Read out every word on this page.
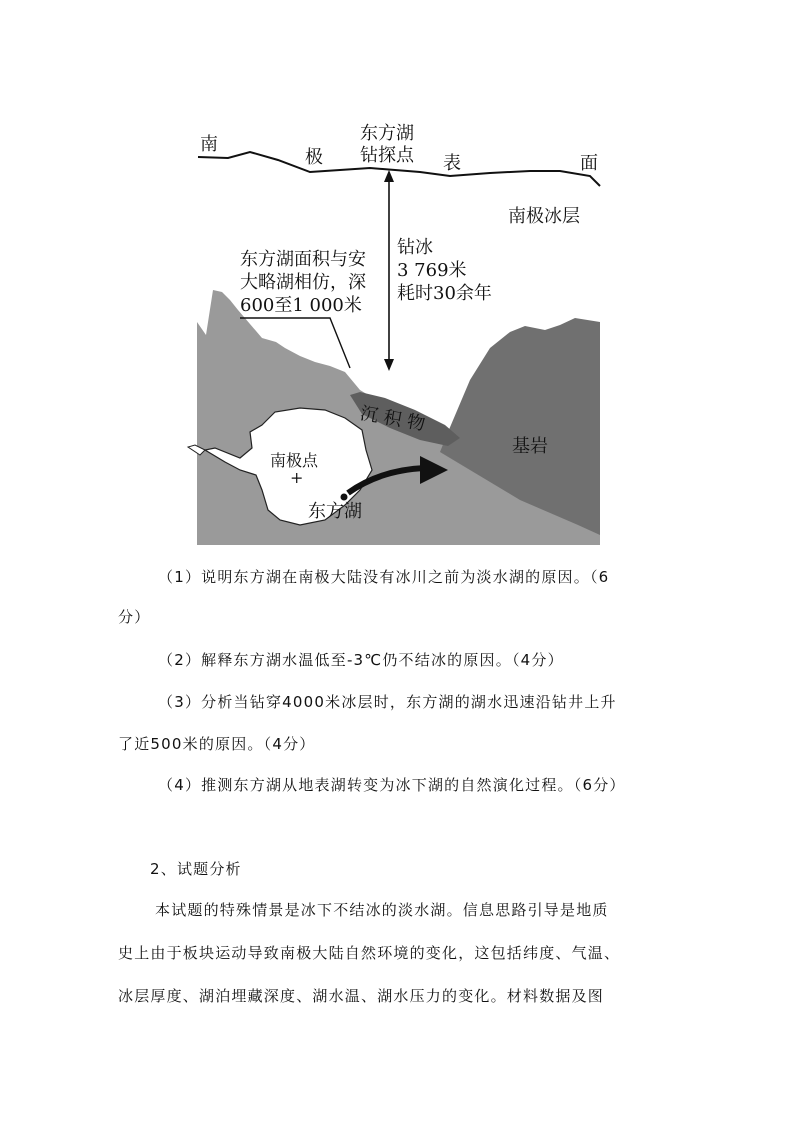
南
极
东方湖
钻探点 表	面
南极冰层
东方湖面积与安
大略湖相仿，深
600至1 000米
钻冰
3 769米
耗时30余年
沉 积 物
基岩
南极点
+
东方湖
（1）说明东方湖在南极大陆没有冰川之前为淡水湖的原因。（6
分）
（2）解释东方湖水温低至-3℃仍不结冰的原因。（4分）
（3）分析当钻穿4000米冰层时，东方湖的湖水迅速沿钻井上升
了近500米的原因。（4分）
（4）推测东方湖从地表湖转变为冰下湖的自然演化过程。（6分）
2、试题分析
本试题的特殊情景是冰下不结冰的淡水湖。信息思路引导是地质
史上由于板块运动导致南极大陆自然环境的变化，这包括纬度、气温、
冰层厚度、湖泊埋藏深度、湖水温、湖水压力的变化。材料数据及图
